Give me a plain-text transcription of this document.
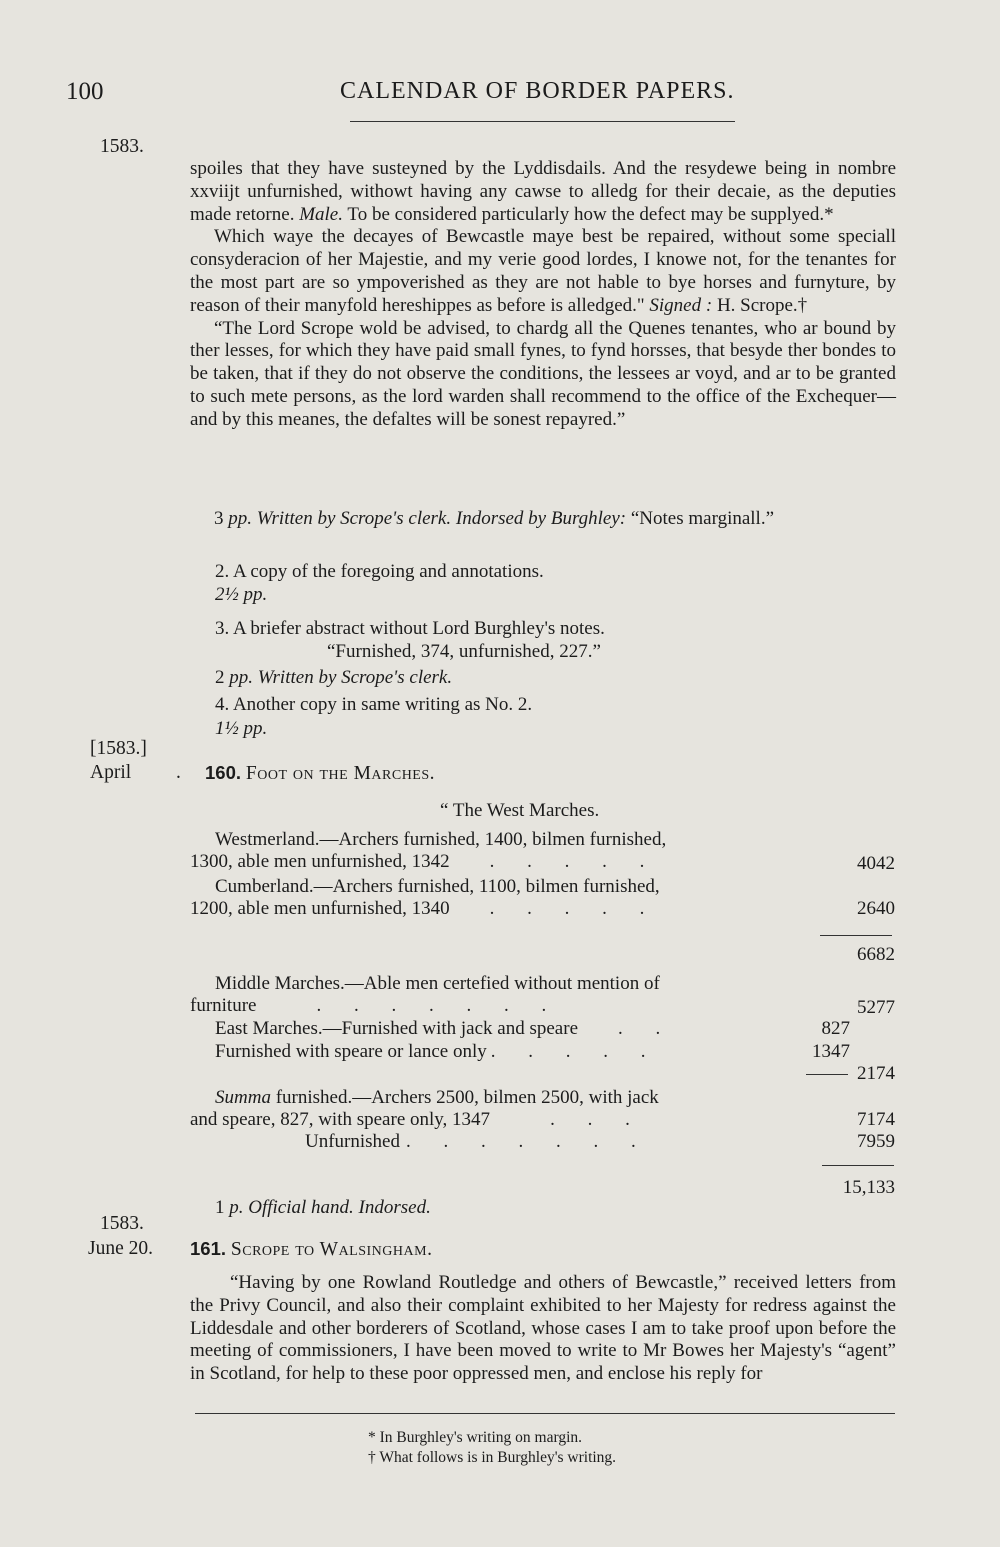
100	CALENDAR OF BORDER PAPERS.
1583.

spoiles that they have susteyned by the Lyddisdails. And the resydewe being in nombre xxviijt unfurnished, withowt having any cawse to alledg for their decaie, as the deputies made retorne. Male. To be considered particularly how the defect may be supplyed.*

Which waye the decayes of Bewcastle maye best be repaired, without some speciall consyderacion of her Majestie, and my verie good lordes, I knowe not, for the tenantes for the most part are so ympoverished as they are not hable to bye horses and furnyture, by reason of their manyfold hereshippes as before is alledged." Signed : H. Scrope.†

“The Lord Scrope wold be advised, to chardg all the Quenes tenantes, who ar bound by ther lesses, for which they have paid small fynes, to fynd horsses, that besyde ther bondes to be taken, that if they do not observe the conditions, the lessees ar voyd, and ar to be granted to such mete persons, as the lord warden shall recommend to the office of the Exchequer—and by this meanes, the defaltes will be sonest repayred.”

3 pp. Written by Scrope's clerk. Indorsed by Burghley: “Notes marginall.”

2. A copy of the foregoing and annotations.
2½ pp.
3. A briefer abstract without Lord Burghley's notes.
“Furnished, 374, unfurnished, 227.”
2 pp. Written by Scrope's clerk.
4. Another copy in same writing as No. 2.
1½ pp.
[1583.]
April . 160. Foot on the Marches.
“ The West Marches.
Westmerland.—Archers furnished, 1400, bilmen furnished,
1300, able men unfurnished, 1342 . . . . .	4042
Cumberland.—Archers furnished, 1100, bilmen furnished,
1200, able men unfurnished, 1340 . . . . .	2640
6682
Middle Marches.—Able men certefied without mention of
furniture	. . . . . . .	5277
East Marches.—Furnished with jack and speare . .	827
Furnished with speare or lance only . . . . .	1347
2174
Summa furnished.—Archers 2500, bilmen 2500, with jack
and speare, 827, with speare only, 1347	. . .	7174
Unfurnished . . . . . . .	7959
15,133
1 p. Official hand. Indorsed.
1583.
June 20. 161. Scrope to Walsingham.

“Having by one Rowland Routledge and others of Bewcastle,” received letters from the Privy Council, and also their complaint exhibited to her Majesty for redress against the Liddesdale and other borderers of Scotland, whose cases I am to take proof upon before the meeting of commissioners, I have been moved to write to Mr Bowes her Majesty's “agent” in Scotland, for help to these poor oppressed men, and enclose his reply for

* In Burghley's writing on margin.
† What follows is in Burghley's writing.
